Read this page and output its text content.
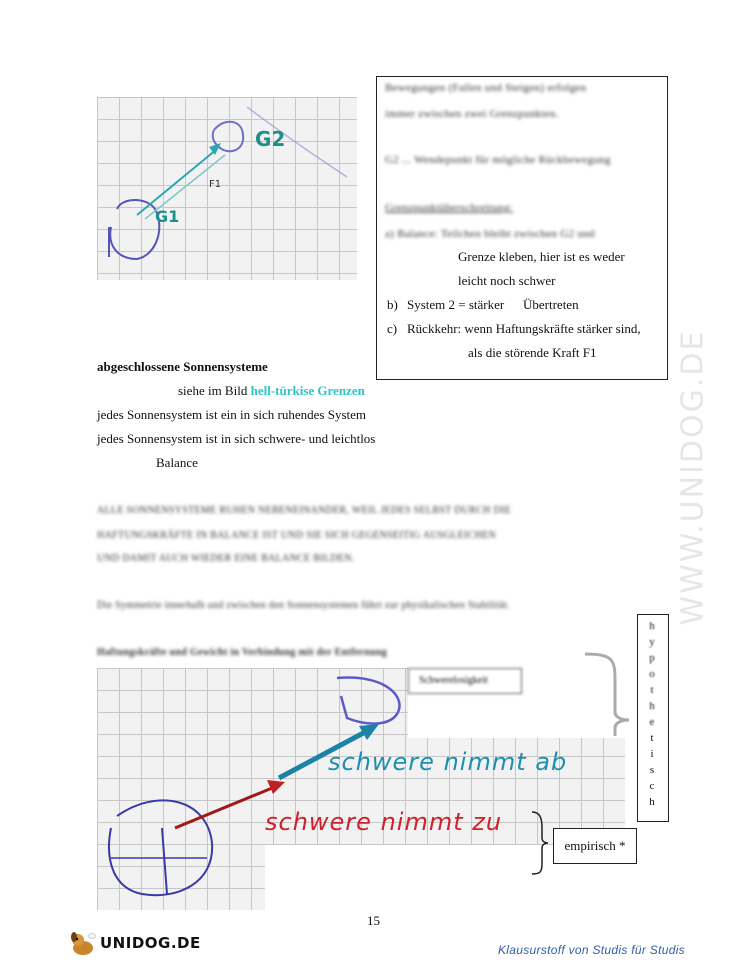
G2
G1
F1
Bewegungen (Fallen und Steigen) erfolgen
immer zwischen zwei Grenzpunkten.
G2 ... Wendepunkt für mögliche Rückbewegung
Grenzpunktüberschreitung:
a) Balance: Teilchen bleibt zwischen G2 und
Grenze kleben, hier ist es weder
leicht noch schwer
b) System 2 = stärker Übertreten
c) Rückkehr: wenn Haftungskräfte stärker sind,
als die störende Kraft F1
abgeschlossene Sonnensysteme
siehe im Bild hell-türkise Grenzen
jedes Sonnensystem ist ein in sich ruhendes System
jedes Sonnensystem ist in sich schwere- und leichtlos
Balance
ALLE SONNENSYSTEME RUHEN NEBENEINANDER, WEIL JEDES SELBST DURCH DIE
HAFTUNGSKRÄFTE IN BALANCE IST UND SIE SICH GEGENSEITIG AUSGLEICHEN
UND DAMIT AUCH WIEDER EINE BALANCE BILDEN.
Die Symmetrie innerhalb und zwischen den Sonnensystemen führt zur physikalischen Stabilität.
Haftungskräfte und Gewicht in Verbindung mit der Entfernung
Schwerelosigkeit
schwere nimmt ab
schwere nimmt zu
h
y
p
o
t
h
e
t
i
s
c
h
empirisch *
WWW.UNIDOG.DE
15
UNIDOG.DE	Klausurstoff von Studis für Studis
